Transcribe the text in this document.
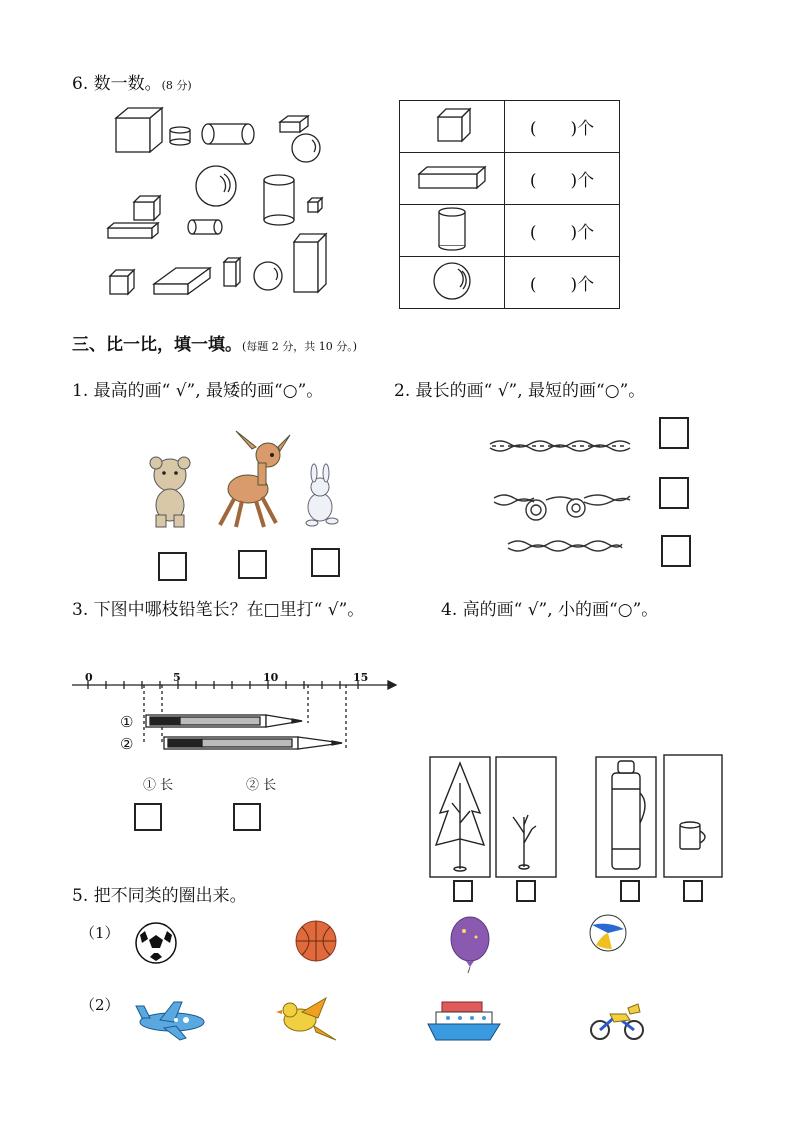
6. 数一数。(8 分)
	(　　)个
	(　　)个
	(　　)个
	(　　)个
三、比一比，填一填。(每题 2 分，共 10 分。)
1. 最高的画“ √”, 最矮的画“○”。	2. 最长的画“ √”, 最短的画“○”。
3. 下图中哪枝铅笔长？在□里打“ √”。	4. 高的画“ √”, 小的画“○”。
0	5	10	15
①
②
① 长	② 长
5. 把不同类的圈出来。
（1）
（2）
